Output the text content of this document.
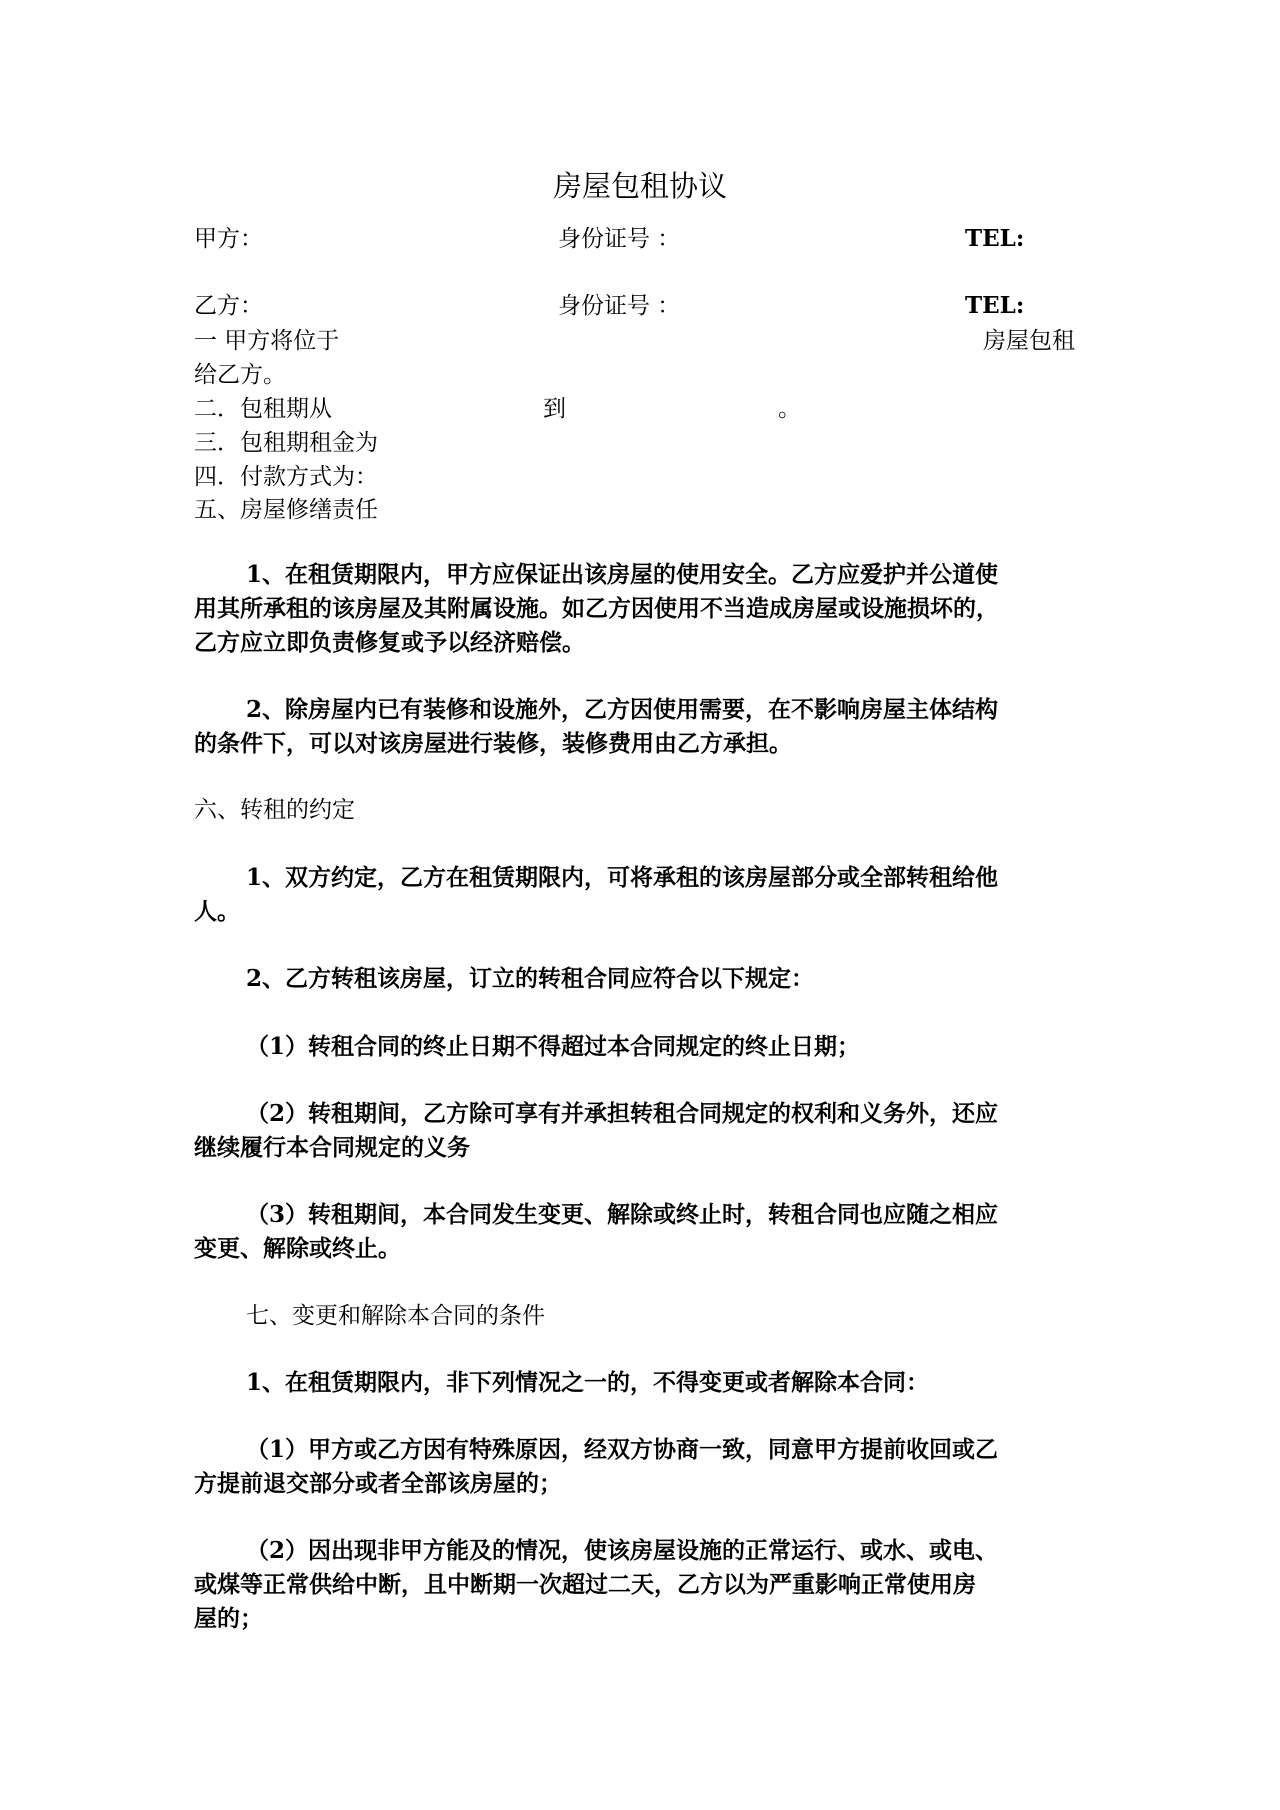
房屋包租协议
甲方：	身份证号 ：	TEL:
乙方：	身份证号 ：	TEL:
一 甲方将位于	房屋包租
给乙方。
二．包租期从	到	。
三．包租期租金为
四．付款方式为：
五、房屋修缮责任
1、在租赁期限内，甲方应保证出该房屋的使用安全。乙方应爱护并公道使
用其所承租的该房屋及其附属设施。如乙方因使用不当造成房屋或设施损坏的，
乙方应立即负责修复或予以经济赔偿。
2、除房屋内已有装修和设施外，乙方因使用需要，在不影响房屋主体结构
的条件下，可以对该房屋进行装修，装修费用由乙方承担。
六、转租的约定
1、双方约定，乙方在租赁期限内，可将承租的该房屋部分或全部转租给他
人。
2、乙方转租该房屋，订立的转租合同应符合以下规定：
（1）转租合同的终止日期不得超过本合同规定的终止日期；
（2）转租期间，乙方除可享有并承担转租合同规定的权利和义务外，还应
继续履行本合同规定的义务
（3）转租期间，本合同发生变更、解除或终止时，转租合同也应随之相应
变更、解除或终止。
七、变更和解除本合同的条件
1、在租赁期限内，非下列情况之一的，不得变更或者解除本合同：
（1）甲方或乙方因有特殊原因，经双方协商一致，同意甲方提前收回或乙
方提前退交部分或者全部该房屋的；
（2）因出现非甲方能及的情况，使该房屋设施的正常运行、或水、或电、
或煤等正常供给中断，且中断期一次超过二天，乙方以为严重影响正常使用房
屋的；
